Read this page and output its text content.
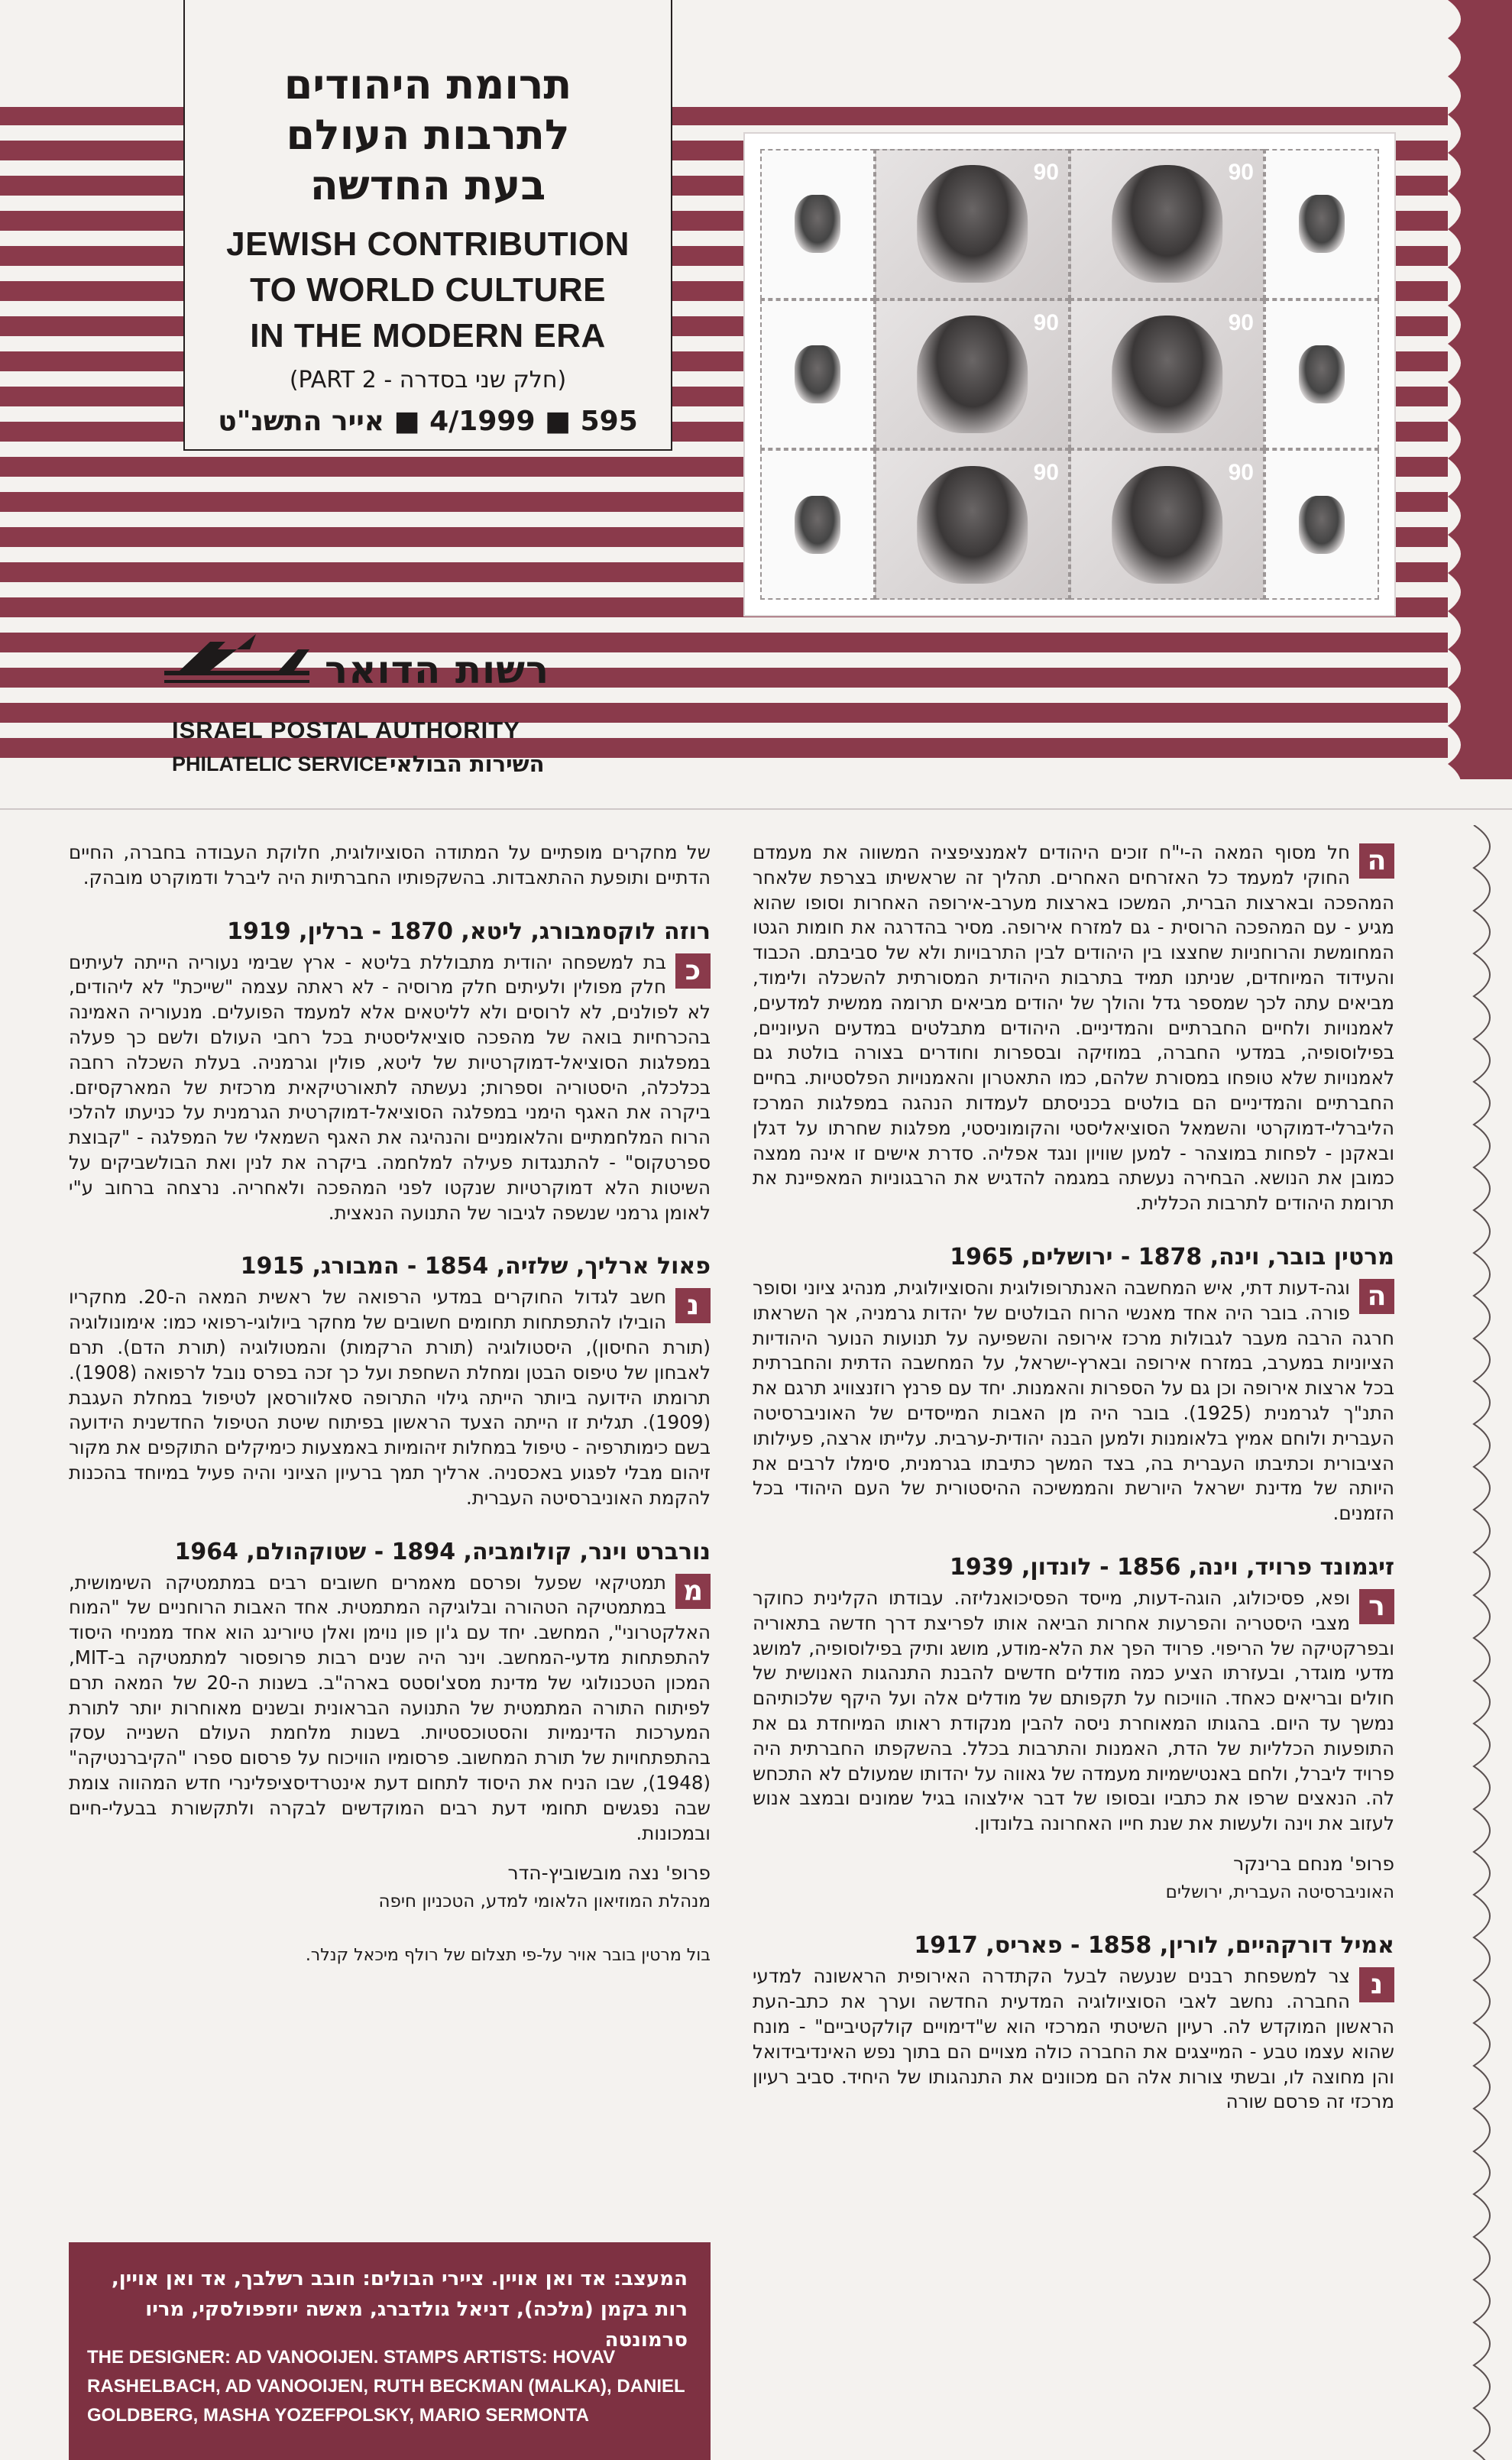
תרומת היהודים
לתרבות העולם
בעת החדשה
JEWISH CONTRIBUTION
TO WORLD CULTURE
IN THE MODERN ERA
(חלק שני בסדרה - PART 2)
595 ■ 4/1999 ■ אייר התשנ"ט
90	90
90	90
90	90
רשות הדואר
ISRAEL POSTAL AUTHORITY
PHILATELIC SERVICE השירות הבולאי

ה
חל מסוף המאה ה-י"ח זוכים היהודים לאמנציפציה המשווה את מעמדם החוקי למעמד כל האזרחים האחרים. תהליך זה שראשיתו בצרפת שלאחר המהפכה ובארצות הברית, המשכו בארצות מערב-אירופה האחרות וסופו שהוא מגיע - עם המהפכה הרוסית - גם למזרח אירופה. מסיר בהדרגה את חומות הגטו המחומשת והרוחניות שחצצו בין היהודים לבין התרבויות ולא של סביבתם. הכבוד והעידוד המיוחדים, שניתנו תמיד בתרבות היהודית המסורתית להשכלה ולימוד, מביאים עתה לכך שמספר גדל והולך של יהודים מביאים תרומה ממשית למדעים, לאמנויות ולחיים החברתיים והמדיניים. היהודים מתבלטים במדעים העיוניים, בפילוסופיה, במדעי החברה, במוזיקה ובספרות וחודרים בצורה בולטת גם לאמנויות שלא טופחו במסורת שלהם, כמו התאטרון והאמנויות הפלסטיות. בחיים החברתיים והמדיניים הם בולטים בכניסתם לעמדות הנהגה במפלגות המרכז הליברלי-דמוקרטי והשמאל הסוציאליסטי והקומוניסטי, מפלגות שחרתו על דגלן ובאקנן - לפחות במוצהר - למען שוויון ונגד אפליה. סדרת אישים זו אינה ממצה כמובן את הנושא. הבחירה נעשתה במגמה להדגיש את הרבגוניות המאפיינת את תרומת היהודים לתרבות הכללית.

מרטין בובר, וינה, 1878 - ירושלים, 1965

ה
וגה-דעות דתי, איש המחשבה האנתרופולוגית והסוציולוגית, מנהיג ציוני וסופר פורה. בובר היה אחד מאנשי הרוח הבולטים של יהדות גרמניה, אך השראתו חרגה הרבה מעבר לגבולות מרכז אירופה והשפיעה על תנועות הנוער היהודיות הציוניות במערב, במזרח אירופה ובארץ-ישראל, על המחשבה הדתית והחברתית בכל ארצות אירופה וכן גם על הספרות והאמנות. יחד עם פרנץ רוזנצוויג תרגם את התנ"ך לגרמנית (1925). בובר היה מן האבות המייסדים של האוניברסיטה העברית ולוחם אמיץ בלאומנות ולמען הבנה יהודית-ערבית. עלייתו ארצה, פעילותו הציבורית וכתיבתו העברית בה, בצד המשך כתיבתו בגרמנית, סימלו לרבים את היותה של מדינת ישראל היורשת והממשיכה ההיסטורית של העם היהודי בכל הזמנים.

זיגמונד פרויד, וינה, 1856 - לונדון, 1939

ר
ופא, פסיכולוג, הוגה-דעות, מייסד הפסיכואנליזה. עבודתו הקלינית כחוקר מצבי היסטריה והפרעות אחרות הביאה אותו לפריצת דרך חדשה בתאוריה ובפרקטיקה של הריפוי. פרויד הפך את הלא-מודע, מושג ותיק בפילוסופיה, למושג מדעי מוגדר, ובעזרתו הציע כמה מודלים חדשים להבנת התנהגות האנושית של חולים ובריאים כאחד. הוויכוח על תקפותם של מודלים אלה ועל היקף שלכותיהם נמשך עד היום. בהגותו המאוחרת ניסה להבין מנקודת ראותו המיוחדת גם את התופעות הכלליות של הדת, האמנות והתרבות בכלל. בהשקפתו החברתית היה פרויד ליברל, ולחם באנטישמיות מעמדה של גאווה על יהדותו שמעולם לא התכחש לה. הנאצים שרפו את כתביו ובסופו של דבר אילצוהו בגיל שמונים ובמצב אנוש לעזוב את וינה ולעשות את שנת חייו האחרונה בלונדון.

פרופ' מנחם ברינקר
האוניברסיטה העברית, ירושלים
אמיל דורקהיים, לורין, 1858 - פאריס, 1917

נ
צר למשפחת רבנים שנעשה לבעל הקתדרה האירופית הראשונה למדעי החברה. נחשב לאבי הסוציולוגיה המדעית החדשה וערך את כתב-העת הראשון המוקדש לה. רעיון השיטתי המרכזי הוא ש"דימויים קולקטיביים" - מונח שהוא עצמו טבע - המייצגים את החברה כולה מצויים הם בתוך נפש האינדיבידואל והן מחוצה לו, ובשתי צורות אלה הם מכוונים את התנהגותו של היחיד. סביב רעיון מרכזי זה פרסם שורה

של מחקרים מופתיים על המתודה הסוציולוגית, חלוקת העבודה בחברה, החיים הדתיים ותופעת ההתאבדות. בהשקפותיו החברתיות היה ליברל ודמוקרט מובהק.

רוזה לוקסמבורג, ליטא, 1870 - ברלין, 1919

כ
בת למשפחה יהודית מתבוללת בליטא - ארץ שבימי נעוריה הייתה לעיתים חלק מפולין ולעיתים חלק מרוסיה - לא ראתה עצמה "שייכת" לא ליהודים, לא לפולנים, לא לרוסים ולא לליטאים אלא למעמד הפועלים. מנעוריה האמינה בהכרחיות בואה של מהפכה סוציאליסטית בכל רחבי העולם ולשם כך פעלה במפלגות הסוציאל-דמוקרטיות של ליטא, פולין וגרמניה. בעלת השכלה רחבה בכלכלה, היסטוריה וספרות; נעשתה לתאורטיקאית מרכזית של המארקסיזם. ביקרה את האגף הימני במפלגה הסוציאל-דמוקרטית הגרמנית על כניעתו להלכי הרוח המלחמתיים והלאומניים והנהיגה את האגף השמאלי של המפלגה - "קבוצת ספרטקוס" - להתנגדות פעילה למלחמה. ביקרה את לנין ואת הבולשביקים על השיטות הלא דמוקרטיות שנקטו לפני המהפכה ולאחריה. נרצחה ברחוב ע"י לאומן גרמני שנשפה לגיבור של התנועה הנאצית.

פאול ארליך, שלזיה, 1854 - המבורג, 1915

נ
חשב לגדול החוקרים במדעי הרפואה של ראשית המאה ה-20. מחקריו הובילו להתפתחות תחומים חשובים של מחקר ביולוגי-רפואי כמו: אימונולוגיה (תורת החיסון), היסטולוגיה (תורת הרקמות) והמטולוגיה (תורת הדם). תרם לאבחון של טיפוס הבטן ומחלת השחפת ועל כך זכה בפרס נובל לרפואה (1908). תרומתו הידועה ביותר הייתה גילוי התרופה סאלוורסאן לטיפול במחלת העגבת (1909). תגלית זו הייתה הצעד הראשון בפיתוח שיטת הטיפול החדשנית הידועה בשם כימותרפיה - טיפול במחלות זיהומיות באמצעות כימיקלים התוקפים את מקור זיהום מבלי לפגוע באכסניה. ארליך תמך ברעיון הציוני והיה פעיל במיוחד בהכנות להקמת האוניברסיטה העברית.

נורברט וינר, קולומביה, 1894 - שטוקהולם, 1964

מ
תמטיקאי שפעל ופרסם מאמרים חשובים רבים במתמטיקה השימושית, במתמטיקה הטהורה ובלוגיקה המתמטית. אחד האבות הרוחניים של "המוח האלקטרוני", המחשב. יחד עם ג'ון פון נוימן ואלן טיורינג הוא אחד ממניחי היסוד להתפתחות מדעי-המחשב. וינר היה שנים רבות פרופסור למתמטיקה ב-MIT, המכון הטכנולוגי של מדינת מסצ'וסטס בארה"ב. בשנות ה-20 של המאה תרם לפיתוח התורה המתמטית של התנועה הבראונית ובשנים מאוחרות יותר לתורת המערכות הדינמיות והסטוכסטיות. בשנות מלחמת העולם השנייה עסק בהתפתחויות של תורת המחשוב. פרסומיו הוויכוח על פרסום ספרו "הקיברנטיקה" (1948), שבו הניח את היסוד לתחום דעת אינטרדיסציפלינרי חדש המהווה צומת שבה נפגשים תחומי דעת רבים המוקדשים לבקרה ולתקשורת בבעלי-חיים ובמכונות.

פרופ' נצה מובשוביץ-הדר
מנהלת המוזיאון הלאומי למדע, הטכניון חיפה
בול מרטין בובר אויר על-פי תצלום של רולף מיכאל קנלר.
המעצב: אד ואן אויין. ציירי הבולים: חובב רשלבך, אד ואן אויין, רות בקמן (מלכה), דניאל גולדברג, מאשה יוזפפולסקי, מריו סרמונטה
THE DESIGNER: AD VANOOIJEN. STAMPS ARTISTS: HOVAV RASHELBACH, AD VANOOIJEN, RUTH BECKMAN (MALKA), DANIEL GOLDBERG, MASHA YOZEFPOLSKY, MARIO SERMONTA
